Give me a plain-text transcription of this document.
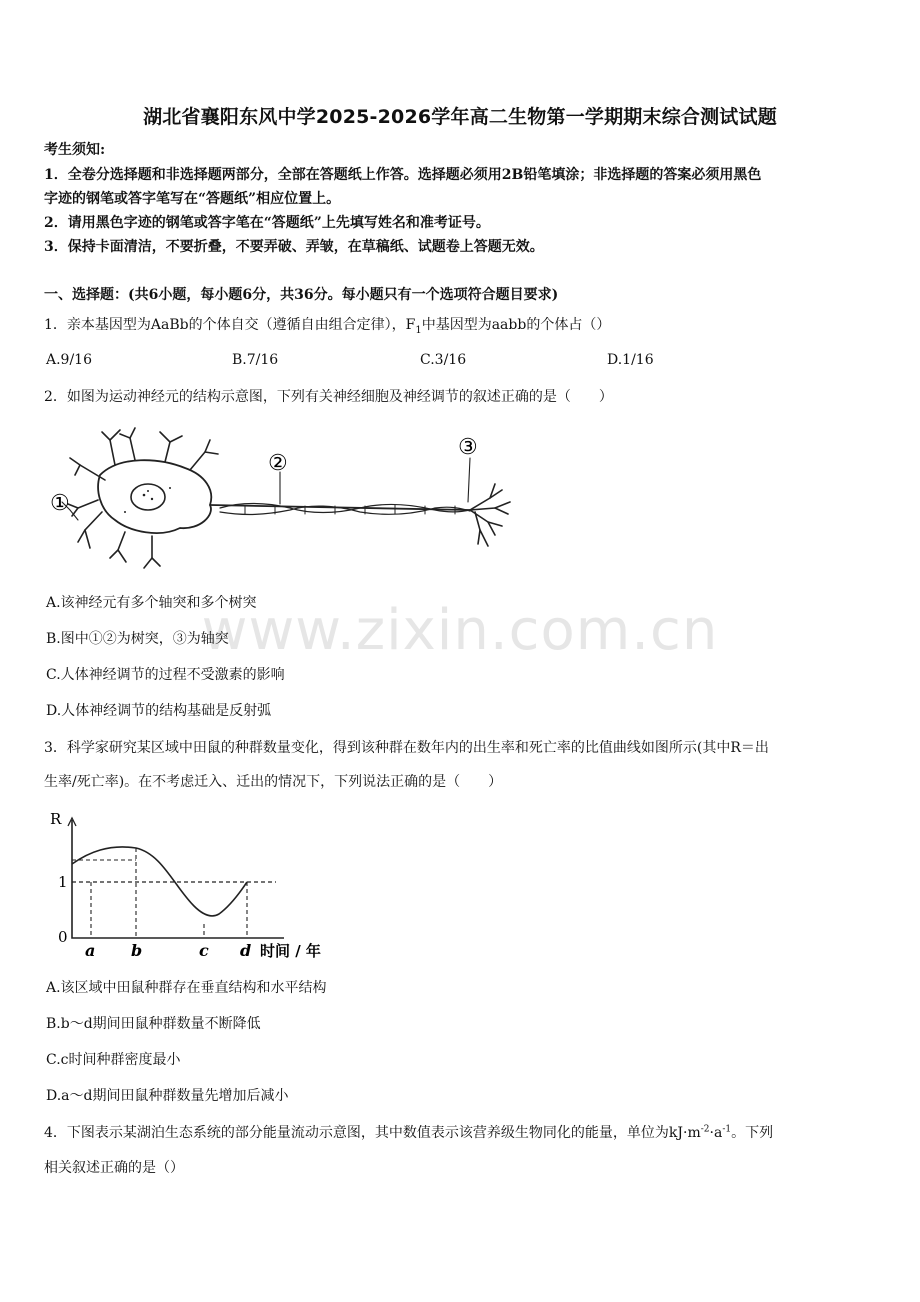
www.zixin.com.cn
湖北省襄阳东风中学2025-2026学年高二生物第一学期期末综合测试试题
考生须知:
1．全卷分选择题和非选择题两部分，全部在答题纸上作答。选择题必须用2B铅笔填涂；非选择题的答案必须用黑色
字迹的钢笔或答字笔写在“答题纸”相应位置上。
2．请用黑色字迹的钢笔或答字笔在“答题纸”上先填写姓名和准考证号。
3．保持卡面清洁，不要折叠，不要弄破、弄皱，在草稿纸、试题卷上答题无效。
一、选择题：(共6小题，每小题6分，共36分。每小题只有一个选项符合题目要求)
1．亲本基因型为AaBb的个体自交（遵循自由组合定律），$F_1$中基因型为aabb的个体占（）
A.9/16	B.7/16	C.3/16	D.1/16
2．如图为运动神经元的结构示意图，下列有关神经细胞及神经调节的叙述正确的是（　　）
①
②
③
A.该神经元有多个轴突和多个树突
B.图中①②为树突，③为轴突
C.人体神经调节的过程不受激素的影响
D.人体神经调节的结构基础是反射弧
3．科学家研究某区域中田鼠的种群数量变化，得到该种群在数年内的出生率和死亡率的比值曲线如图所示(其中R＝出
生率/死亡率)。在不考虑迁入、迁出的情况下，下列说法正确的是（　　）
R
1
0
a b	c d 时间 / 年
A.该区域中田鼠种群存在垂直结构和水平结构
B.b～d期间田鼠种群数量不断降低
C.c时间种群密度最小
D.a～d期间田鼠种群数量先增加后减小
4．下图表示某湖泊生态系统的部分能量流动示意图，其中数值表示该营养级生物同化的能量，单位为$kJ\cdot m^{-2}\cdot a^{-1}$。下列
相关叙述正确的是（）
